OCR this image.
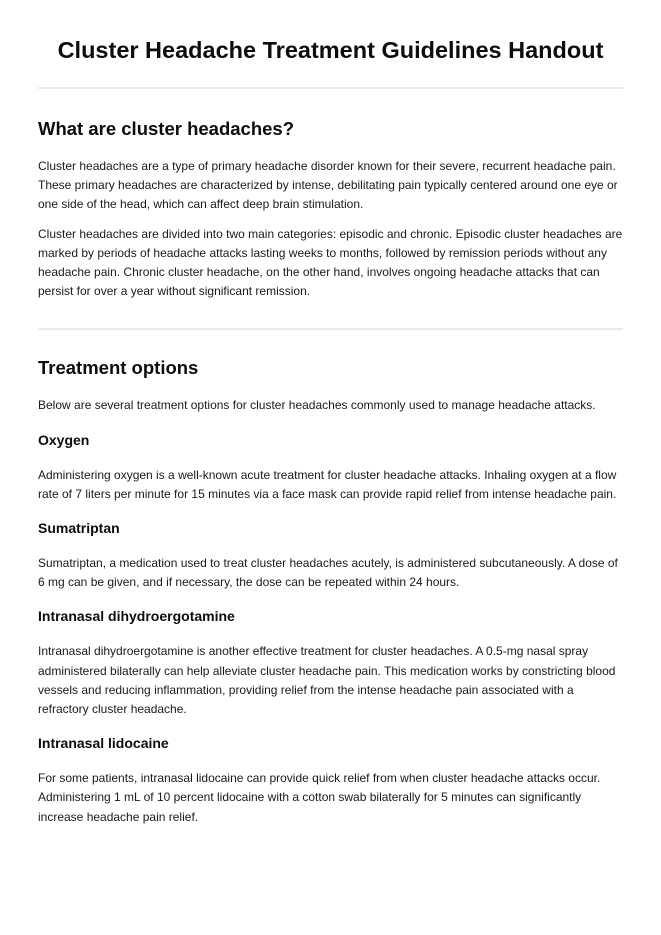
Cluster Headache Treatment Guidelines Handout
What are cluster headaches?

Cluster headaches are a type of primary headache disorder known for their severe, recurrent headache pain. These primary headaches are characterized by intense, debilitating pain typically centered around one eye or one side of the head, which can affect deep brain stimulation.

Cluster headaches are divided into two main categories: episodic and chronic. Episodic cluster headaches are marked by periods of headache attacks lasting weeks to months, followed by remission periods without any headache pain. Chronic cluster headache, on the other hand, involves ongoing headache attacks that can persist for over a year without significant remission.

Treatment options

Below are several treatment options for cluster headaches commonly used to manage headache attacks.

Oxygen

Administering oxygen is a well-known acute treatment for cluster headache attacks. Inhaling oxygen at a flow rate of 7 liters per minute for 15 minutes via a face mask can provide rapid relief from intense headache pain.

Sumatriptan

Sumatriptan, a medication used to treat cluster headaches acutely, is administered subcutaneously. A dose of 6 mg can be given, and if necessary, the dose can be repeated within 24 hours.

Intranasal dihydroergotamine

Intranasal dihydroergotamine is another effective treatment for cluster headaches. A 0.5-mg nasal spray administered bilaterally can help alleviate cluster headache pain. This medication works by constricting blood vessels and reducing inflammation, providing relief from the intense headache pain associated with a refractory cluster headache.

Intranasal lidocaine

For some patients, intranasal lidocaine can provide quick relief from when cluster headache attacks occur. Administering 1 mL of 10 percent lidocaine with a cotton swab bilaterally for 5 minutes can significantly increase headache pain relief.
